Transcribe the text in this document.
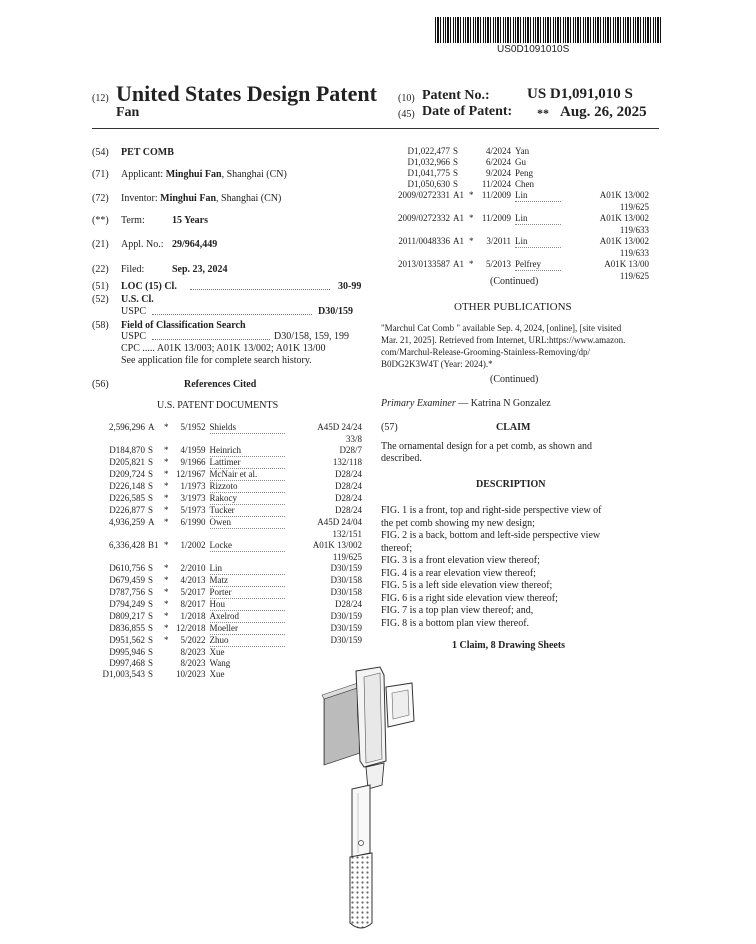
US0D1091010S
(12) United States Design Patent (10) Patent No.: US D1,091,010 S
Fan	(45) Date of Patent: ** Aug. 26, 2025
(54) PET COMB
(71) Applicant: Minghui Fan, Shanghai (CN)
(72) Inventor: Minghui Fan, Shanghai (CN)
(**) Term:	15 Years
(21) Appl. No.: 29/964,449
(22) Filed:	Sep. 23, 2024
(51) LOC (15) Cl.	30-99
(52) U.S. Cl.
USPC	D30/159
(58) Field of Classification Search
USPC	D30/158, 159, 199
CPC ..... A01K 13/003; A01K 13/002; A01K 13/00
See application file for complete search history.
(56)	References Cited
U.S. PATENT DOCUMENTS
2,596,296	A	*	5/1952	Shields	A45D 24/24
33/8					
D184,870	S	*	4/1959	Heinrich	D28/7
D205,821	S	*	9/1966	Lattimer	132/118
D209,724	S	*	12/1967	McNair et al.	D28/24
D226,148	S	*	1/1973	Rizzoto	D28/24
D226,585	S	*	3/1973	Rakocy	D28/24
D226,877	S	*	5/1973	Tucker	D28/24
4,936,259	A	*	6/1990	Owen	A45D 24/04
132/151					
6,336,428	B1	*	1/2002	Locke	A01K 13/002
119/625					
D610,756	S	*	2/2010	Lin	D30/159
D679,459	S	*	4/2013	Matz	D30/158
D787,756	S	*	5/2017	Porter	D30/158
D794,249	S	*	8/2017	Hou	D28/24
D809,217	S	*	1/2018	Axelrod	D30/159
D836,855	S	*	12/2018	Moeller	D30/159
D951,562	S	*	5/2022	Zhuo	D30/159
D995,946	S		8/2023	Xue	
D997,468	S		8/2023	Wang	
D1,003,543	S		10/2023	Xue	
D1,022,477	S		4/2024	Yan	
D1,032,966	S		6/2024	Gu	
D1,041,775	S		9/2024	Peng	
D1,050,630	S		11/2024	Chen	
2009/0272331	A1	*	11/2009	Lin	A01K 13/002
119/625					
2009/0272332	A1	*	11/2009	Lin	A01K 13/002
119/633					
2011/0048336	A1	*	3/2011	Lin	A01K 13/002
119/633					
2013/0133587	A1	*	5/2013	Pelfrey	A01K 13/00
119/625					
(Continued)
OTHER PUBLICATIONS
"Marchul Cat Comb " available Sep. 4, 2024, [online], [site visited
Mar. 21, 2025]. Retrieved from Internet, URL:https://www.amazon.
com/Marchul-Release-Grooming-Stainless-Removing/dp/
B0DG2K3W4T (Year: 2024).*
(Continued)
Primary Examiner — Katrina N Gonzalez
(57)	CLAIM
The ornamental design for a pet comb, as shown and
described.
DESCRIPTION
FIG. 1 is a front, top and right-side perspective view of
the pet comb showing my new design;
FIG. 2 is a back, bottom and left-side perspective view
thereof;
FIG. 3 is a front elevation view thereof;
FIG. 4 is a rear elevation view thereof;
FIG. 5 is a left side elevation view thereof;
FIG. 6 is a right side elevation view thereof;
FIG. 7 is a top plan view thereof; and,
FIG. 8 is a bottom plan view thereof.
1 Claim, 8 Drawing Sheets
